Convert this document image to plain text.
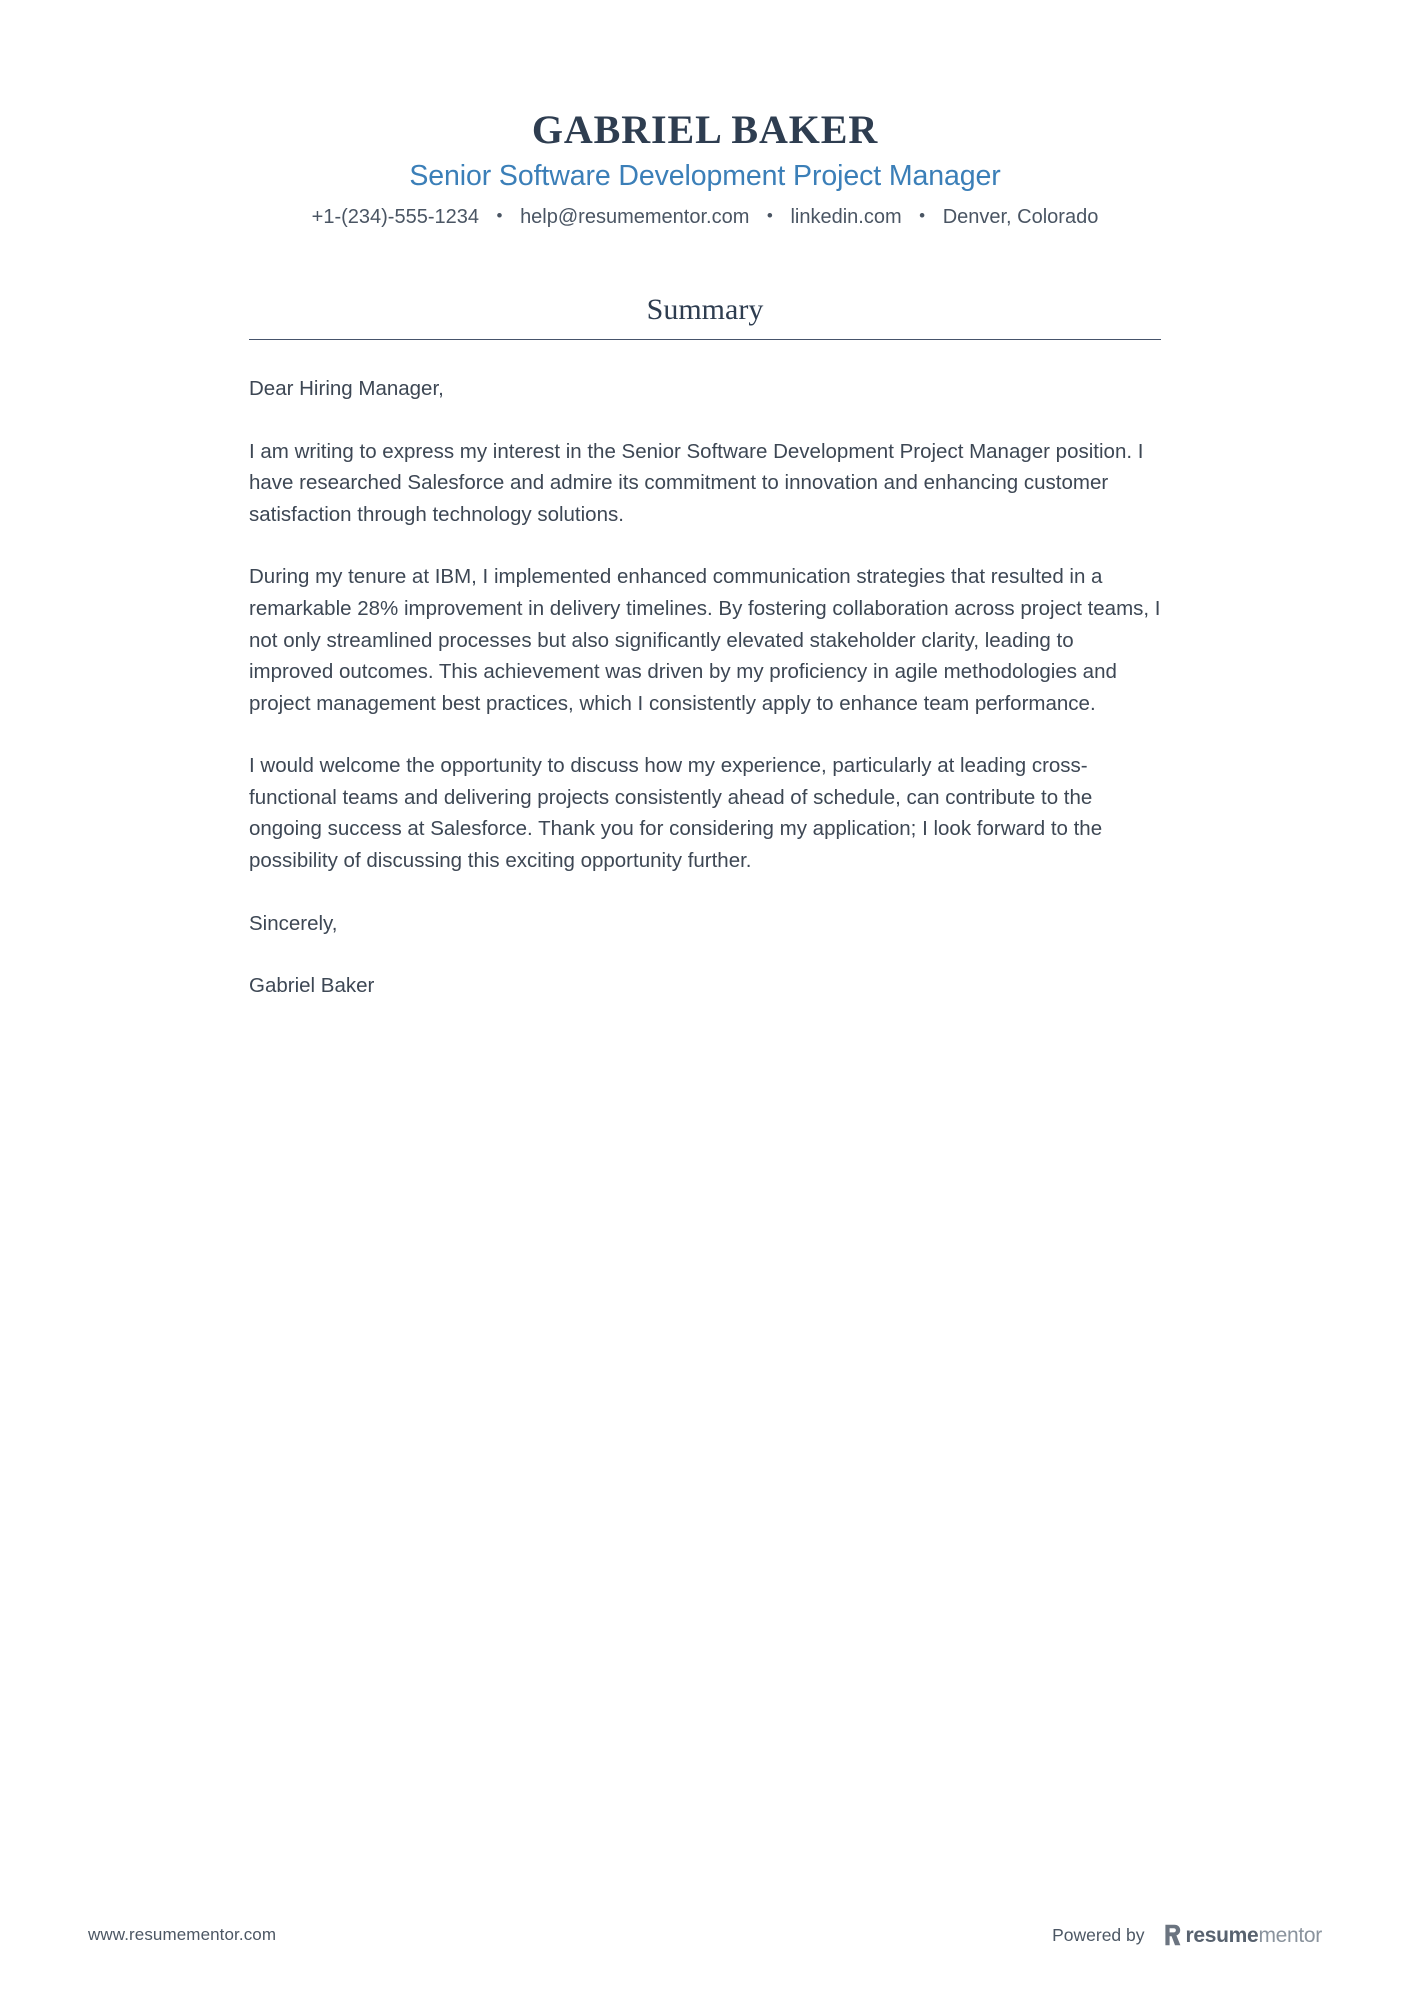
GABRIEL BAKER
Senior Software Development Project Manager
+1-(234)-555-1234 • help@resumementor.com • linkedin.com • Denver, Colorado
Summary

Dear Hiring Manager,

I am writing to express my interest in the Senior Software Development Project Manager position. I have researched Salesforce and admire its commitment to innovation and enhancing customer satisfaction through technology solutions.

During my tenure at IBM, I implemented enhanced communication strategies that resulted in a remarkable 28% improvement in delivery timelines. By fostering collaboration across project teams, I not only streamlined processes but also significantly elevated stakeholder clarity, leading to improved outcomes. This achievement was driven by my proficiency in agile methodologies and project management best practices, which I consistently apply to enhance team performance.

I would welcome the opportunity to discuss how my experience, particularly at leading cross-functional teams and delivering projects consistently ahead of schedule, can contribute to the ongoing success at Salesforce. Thank you for considering my application; I look forward to the possibility of discussing this exciting opportunity further.

Sincerely,

Gabriel Baker

www.resumementor.com	Powered by resumementor
